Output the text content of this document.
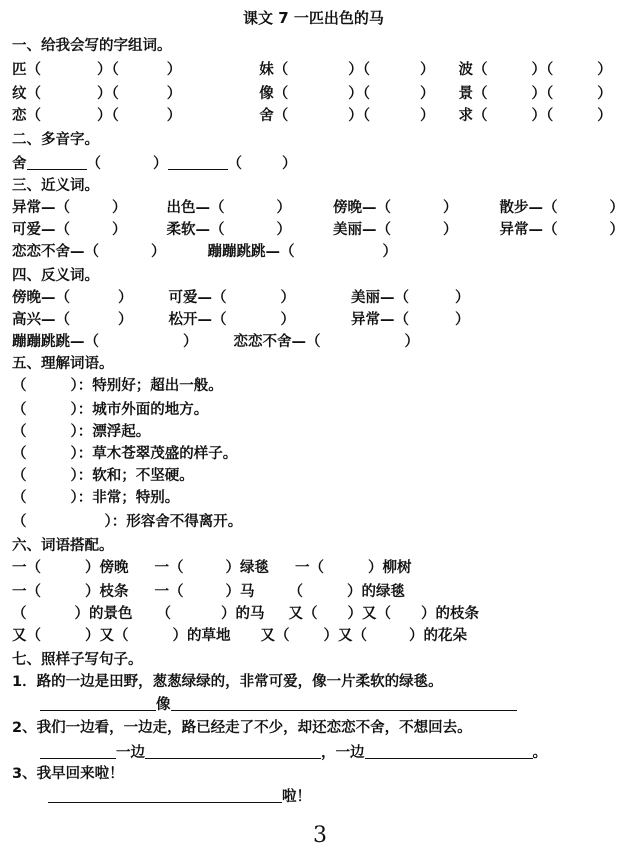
课文 7 一匹出色的马
一、给我会写的字组词。
匹（	）（	）	妹（	）（	） 波（	）（	）
纹（	）（	）	像（	）（	） 景（	）（	）
恋（	）（	）	舍（	）（	） 求（	）（	）
二、多音字。
舍	（	）	（	）
三、近义词。
异常—（	）	出色—（	）	傍晚—（	）	散步—（	）
可爱—（	）	柔软—（	）	美丽—（	）	异常—（	）
恋恋不舍—（	）	蹦蹦跳跳—（	）
四、反义词。
傍晚—（	） 可爱—（	）	美丽—（	）
高兴—（	） 松开—（	）	异常—（	）
蹦蹦跳跳—（	） 恋恋不舍—（	）
五、理解词语。
（	）：特别好；超出一般。
（	）：城市外面的地方。
（	）：漂浮起。
（	）：草木苍翠茂盛的样子。
（	）：软和；不坚硬。
（	）：非常；特别。
（	）：形容舍不得离开。
六、词语搭配。
一（	）傍晚 一（	）绿毯 一（	）柳树
一（	）枝条 一（	）马 （	）的绿毯
（	）的景色 （	）的马 又（ ）又（ ）的枝条
又（	）又（	）的草地 又（ ）又（	）的花朵
七、照样子写句子。
1．路的一边是田野，葱葱绿绿的，非常可爱，像一片柔软的绿毯。
像
2、我们一边看，一边走，路已经走了不少，却还恋恋不舍，不想回去。
一边	，一边	。
3、我早回来啦！
啦！
3
